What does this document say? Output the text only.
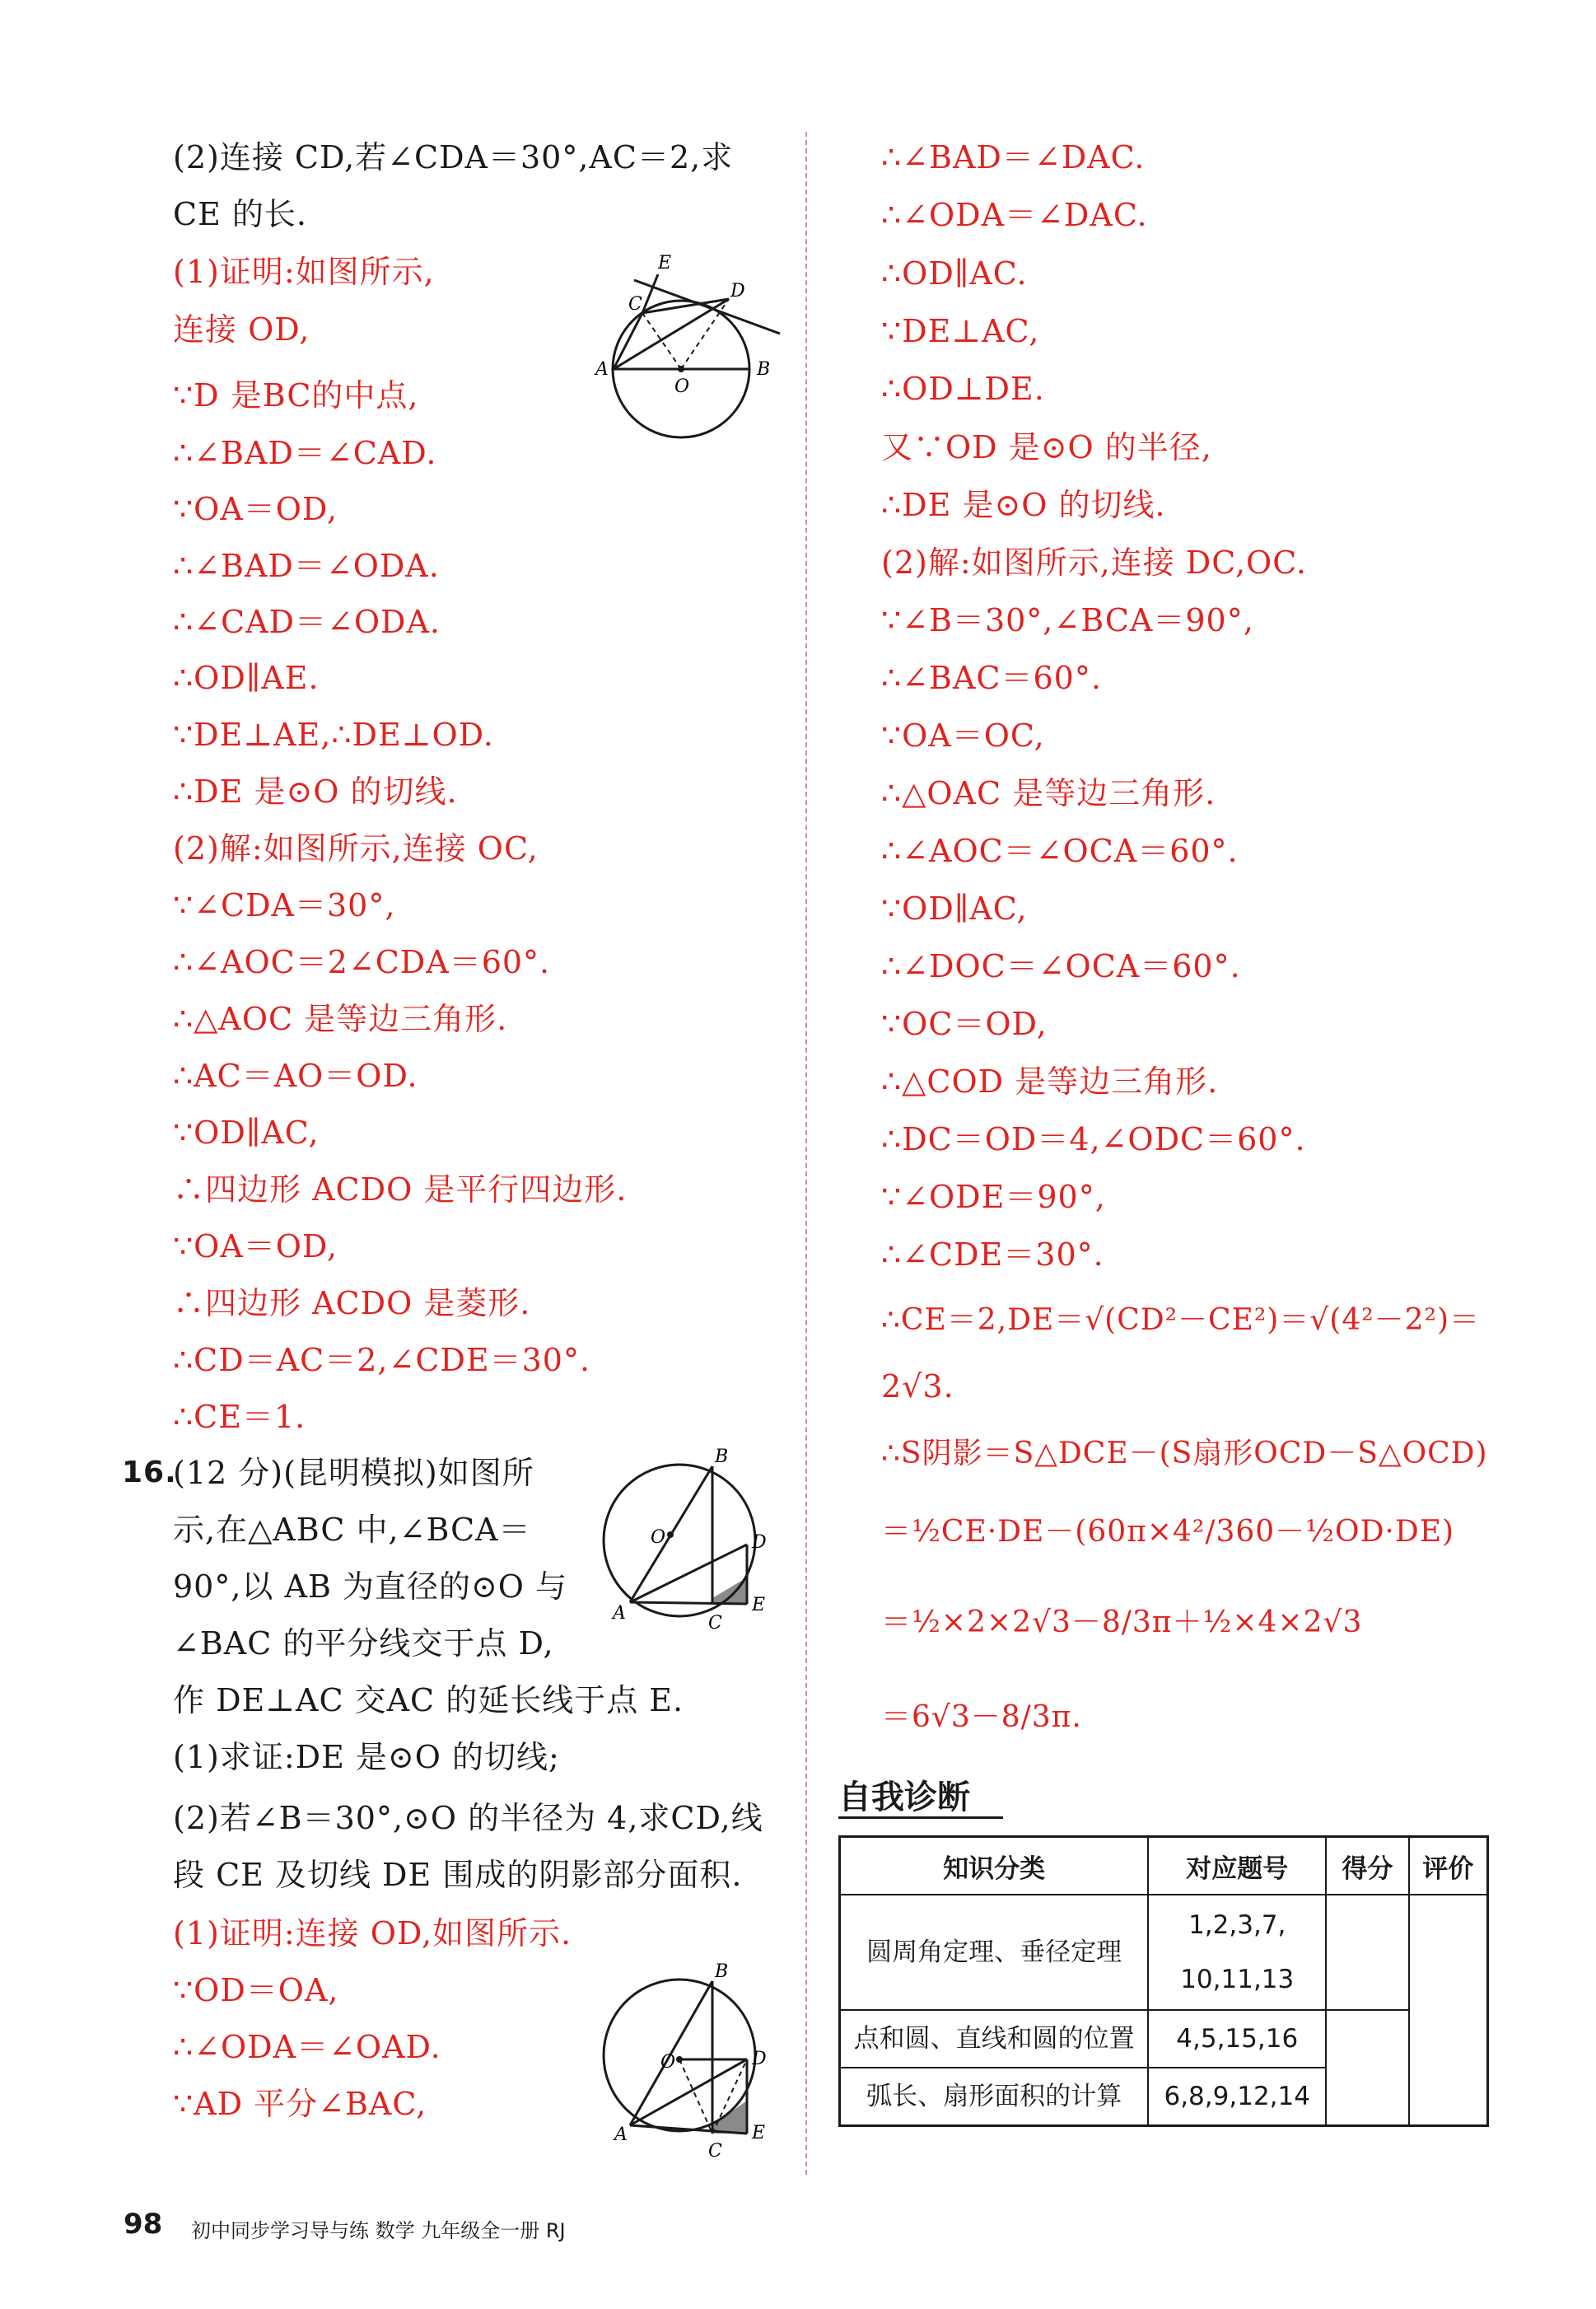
(2)连接 CD,若∠CDA＝30°,AC＝2,求
CE 的长.
(1)证明:如图所示,
连接 OD,
∵D 是BC的中点,
∴∠BAD＝∠CAD.
∵OA＝OD,
∴∠BAD＝∠ODA.
∴∠CAD＝∠ODA.
∴OD∥AE.
∵DE⊥AE,∴DE⊥OD.
∴DE 是⊙O 的切线.
(2)解:如图所示,连接 OC,
∵∠CDA＝30°,
∴∠AOC＝2∠CDA＝60°.
∴△AOC 是等边三角形.
∴AC＝AO＝OD.
∵OD∥AC,
∴四边形 ACDO 是平行四边形.
∵OA＝OD,
∴四边形 ACDO 是菱形.
∴CD＝AC＝2,∠CDE＝30°.
∴CE＝1.
16.
(12 分)(昆明模拟)如图所
示,在△ABC 中,∠BCA＝
90°,以 AB 为直径的⊙O 与
∠BAC 的平分线交于点 D,
作 DE⊥AC 交AC 的延长线于点 E.
(1)求证:DE 是⊙O 的切线;
(2)若∠B＝30°,⊙O 的半径为 4,求CD,线
段 CE 及切线 DE 围成的阴影部分面积.
(1)证明:连接 OD,如图所示.
∵OD＝OA,
∴∠ODA＝∠OAD.
∵AD 平分∠BAC,
E
C
D
A
O
B
B
O	D
A	C
E
B
O	D
A
C
E
∴∠BAD＝∠DAC.
∴∠ODA＝∠DAC.
∴OD∥AC.
∵DE⊥AC,
∴OD⊥DE.
又∵OD 是⊙O 的半径,
∴DE 是⊙O 的切线.
(2)解:如图所示,连接 DC,OC.
∵∠B＝30°,∠BCA＝90°,
∴∠BAC＝60°.
∵OA＝OC,
∴△OAC 是等边三角形.
∴∠AOC＝∠OCA＝60°.
∵OD∥AC,
∴∠DOC＝∠OCA＝60°.
∵OC＝OD,
∴△COD 是等边三角形.
∴DC＝OD＝4,∠ODC＝60°.
∵∠ODE＝90°,
∴∠CDE＝30°.
∴CE＝2,DE＝√(CD²－CE²)＝√(4²－2²)＝
2√3.
∴S阴影＝S△DCE－(S扇形OCD－S△OCD)
＝½CE·DE－(60π×4²/360－½OD·DE)
＝½×2×2√3－8/3π＋½×4×2√3
＝6√3－8/3π.
自我诊断
知识分类	对应题号	得分	评价
圆周角定理、垂径定理	1,2,3,7,
10,11,13		
点和圆、直线和圆的位置	4,5,15,16		
弧长、扇形面积的计算	6,8,9,12,14		
98 初中同步学习导与练 数学 九年级全一册 RJ
